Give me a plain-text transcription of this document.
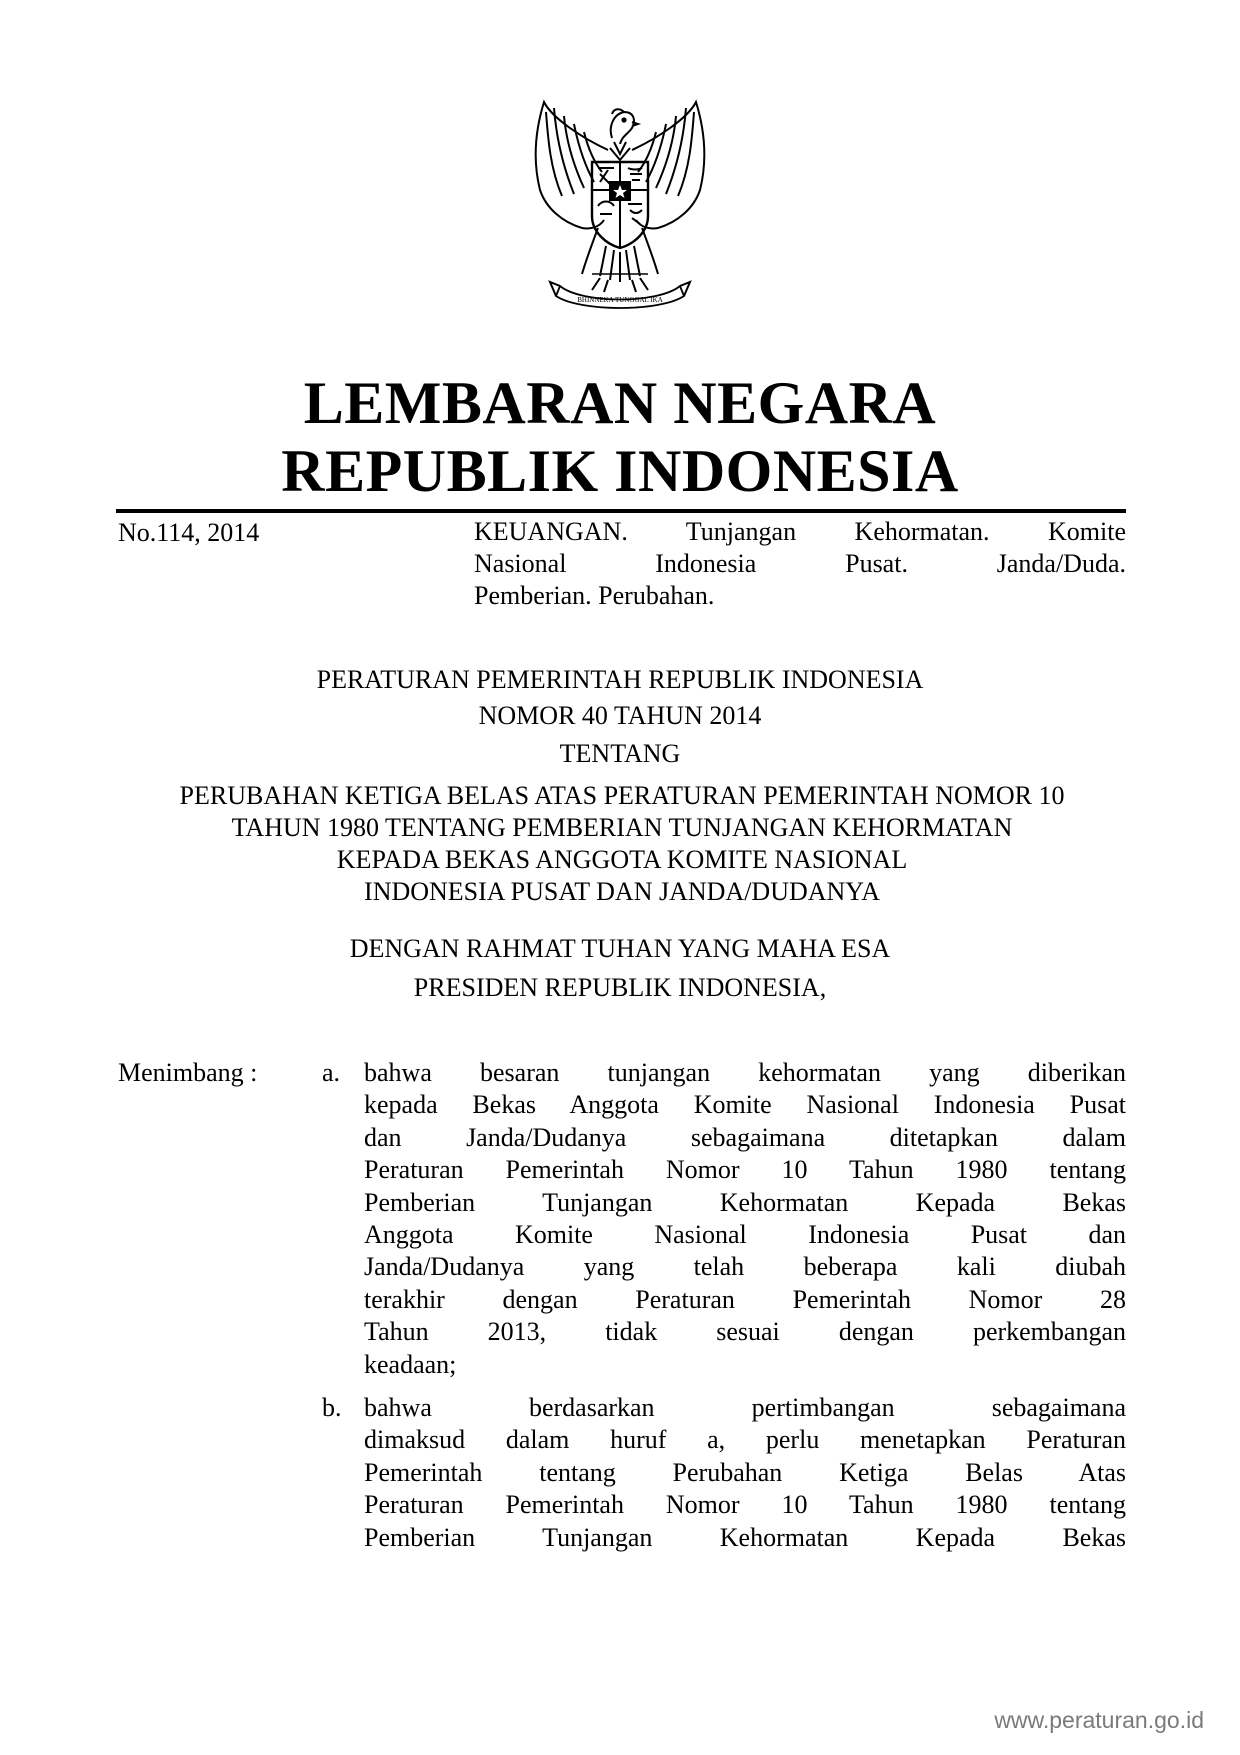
BHINNEKA TUNGGAL IKA
LEMBARAN NEGARA
REPUBLIK INDONESIA
No.114, 2014	KEUANGAN. Tunjangan Kehormatan. Komite
Nasional Indonesia Pusat. Janda/Duda.
Pemberian. Perubahan.
PERATURAN PEMERINTAH REPUBLIK INDONESIA
NOMOR 40 TAHUN 2014
TENTANG
PERUBAHAN KETIGA BELAS ATAS PERATURAN PEMERINTAH NOMOR 10
TAHUN 1980 TENTANG PEMBERIAN TUNJANGAN KEHORMATAN
KEPADA BEKAS ANGGOTA KOMITE NASIONAL
INDONESIA PUSAT DAN JANDA/DUDANYA
DENGAN RAHMAT TUHAN YANG MAHA ESA
PRESIDEN REPUBLIK INDONESIA,
Menimbang : a. bahwa besaran tunjangan kehormatan yang diberikan
kepada Bekas Anggota Komite Nasional Indonesia Pusat
dan Janda/Dudanya sebagaimana ditetapkan dalam
Peraturan Pemerintah Nomor 10 Tahun 1980 tentang
Pemberian Tunjangan Kehormatan Kepada Bekas
Anggota Komite Nasional Indonesia Pusat dan
Janda/Dudanya yang telah beberapa kali diubah
terakhir dengan Peraturan Pemerintah Nomor 28
Tahun 2013, tidak sesuai dengan perkembangan
keadaan;
b. bahwa berdasarkan pertimbangan sebagaimana
dimaksud dalam huruf a, perlu menetapkan Peraturan
Pemerintah tentang Perubahan Ketiga Belas Atas
Peraturan Pemerintah Nomor 10 Tahun 1980 tentang
Pemberian Tunjangan Kehormatan Kepada Bekas
www.peraturan.go.id
